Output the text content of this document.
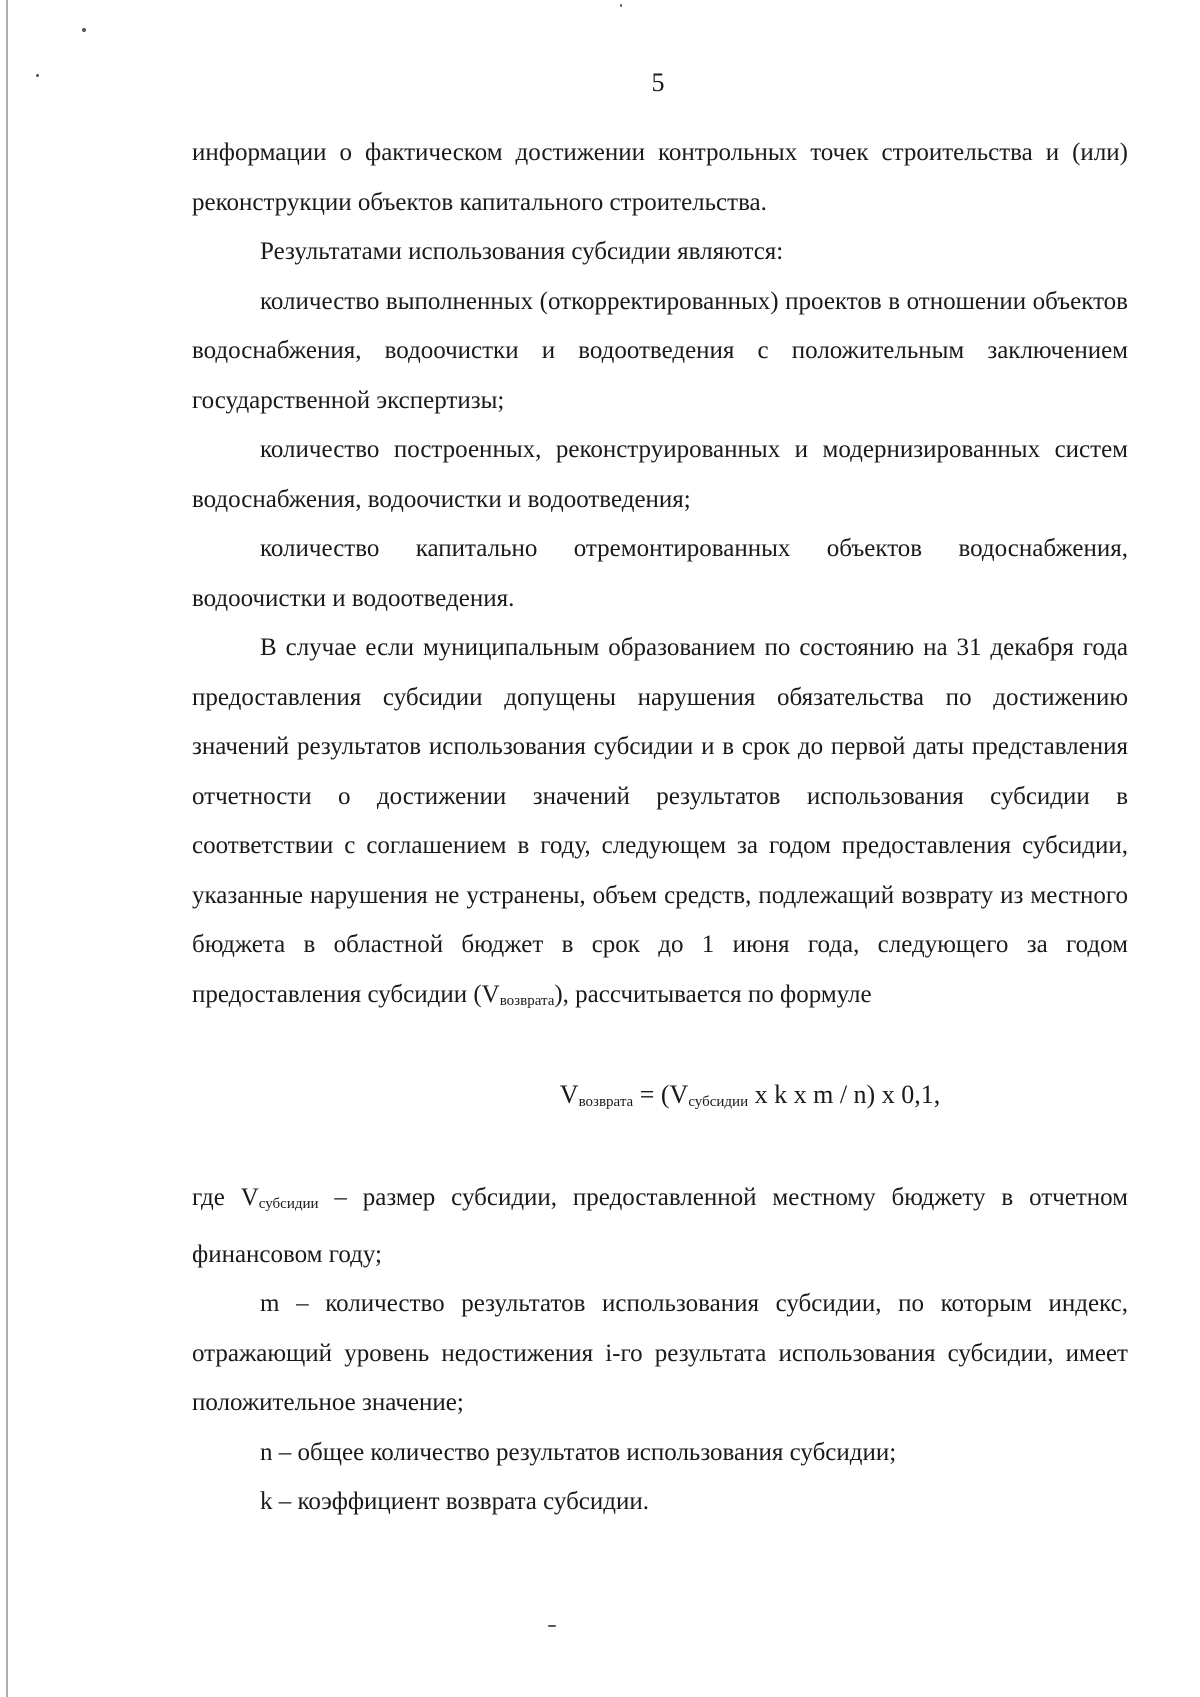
5

информации о фактическом достижении контрольных точек строительства и (или) реконструкции объектов капитального строительства.

Результатами использования субсидии являются:

количество выполненных (откорректированных) проектов в отношении объектов водоснабжения, водоочистки и водоотведения с положительным заключением государственной экспертизы;

количество построенных, реконструированных и модернизированных систем водоснабжения, водоочистки и водоотведения;

количество капитально отремонтированных объектов водоснабжения, водоочистки и водоотведения.

В случае если муниципальным образованием по состоянию на 31 декабря года предоставления субсидии допущены нарушения обязательства по достижению значений результатов использования субсидии и в срок до первой даты представления отчетности о достижении значений результатов использования субсидии в соответствии с соглашением в году, следующем за годом предоставления субсидии, указанные нарушения не устранены, объем средств, подлежащий возврату из местного бюджета в областной бюджет в срок до 1 июня года, следующего за годом предоставления субсидии $(V_{возврата})$, рассчитывается по формуле

$V_{возврата} = (V_{субсидии}$ x k x m / n) x 0,1,

где $V_{субсидии}$ – размер субсидии, предоставленной местному бюджету в отчетном финансовом году;

m – количество результатов использования субсидии, по которым индекс, отражающий уровень недостижения i-го результата использования субсидии, имеет положительное значение;

n – общее количество результатов использования субсидии;

k – коэффициент возврата субсидии.
